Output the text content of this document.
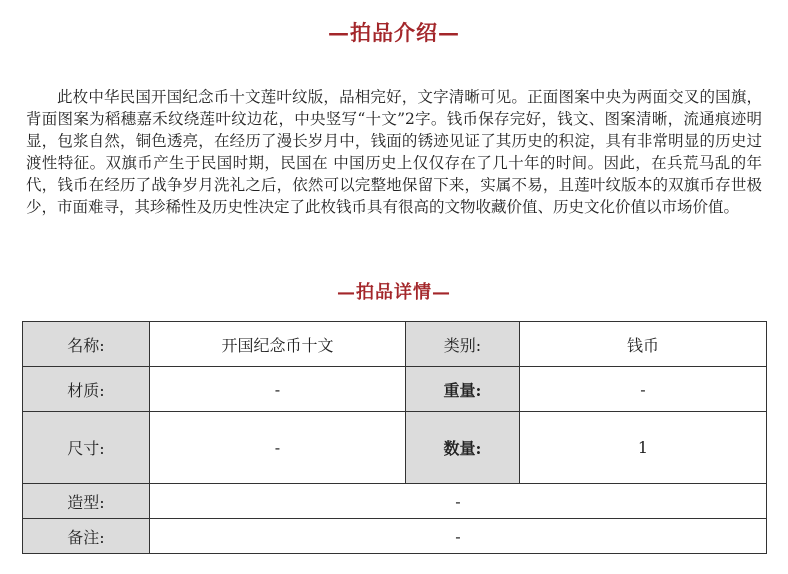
—拍品介绍—

此枚中华民国开国纪念币十文莲叶纹版，品相完好，文字清晰可见。正面图案中央为两面交叉的国旗，背面图案为稻穗嘉禾纹绕莲叶纹边花，中央竖写“十文”2字。钱币保存完好，钱文、图案清晰，流通痕迹明显，包浆自然，铜色透亮，在经历了漫长岁月中，钱面的锈迹见证了其历史的积淀，具有非常明显的历史过渡性特征。双旗币产生于民国时期，民国在 中国历史上仅仅存在了几十年的时间。因此，在兵荒马乱的年代，钱币在经历了战争岁月洗礼之后，依然可以完整地保留下来，实属不易，且莲叶纹版本的双旗币存世极少，市面难寻，其珍稀性及历史性决定了此枚钱币具有很高的文物收藏价值、历史文化价值以市场价值。

—拍品详情—
名称:	开国纪念币十文	类别:	钱币
材质:	-	重量:	-
尺寸:	-	数量:	1
造型:	-		
备注:	-		
